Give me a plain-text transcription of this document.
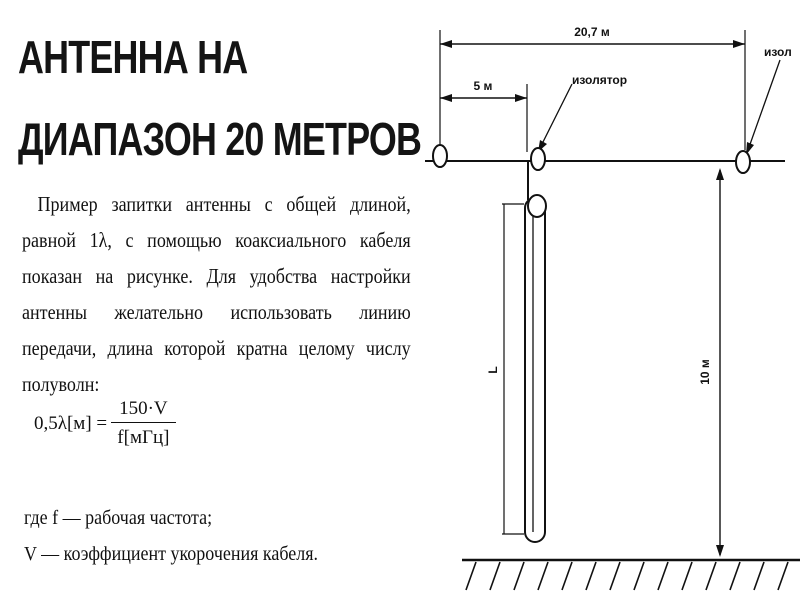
АНТЕННА НА
ДИАПАЗОН 20 МЕТРОВ

Пример запитки антенны с общей длиной, равной 1λ, с помощью коаксиального кабеля показан на рисунке. Для удобства настройки антенны желательно использовать линию передачи, длина которой кратна целому числу полуволн:

$0,5\lambda[м] = \frac{150\cdot V}{\text{f[мГц]}}$
где f — рабочая частота;
V — коэффициент укорочения кабеля.
20,7 м
5 м	изолятор
изол
L	10 м
